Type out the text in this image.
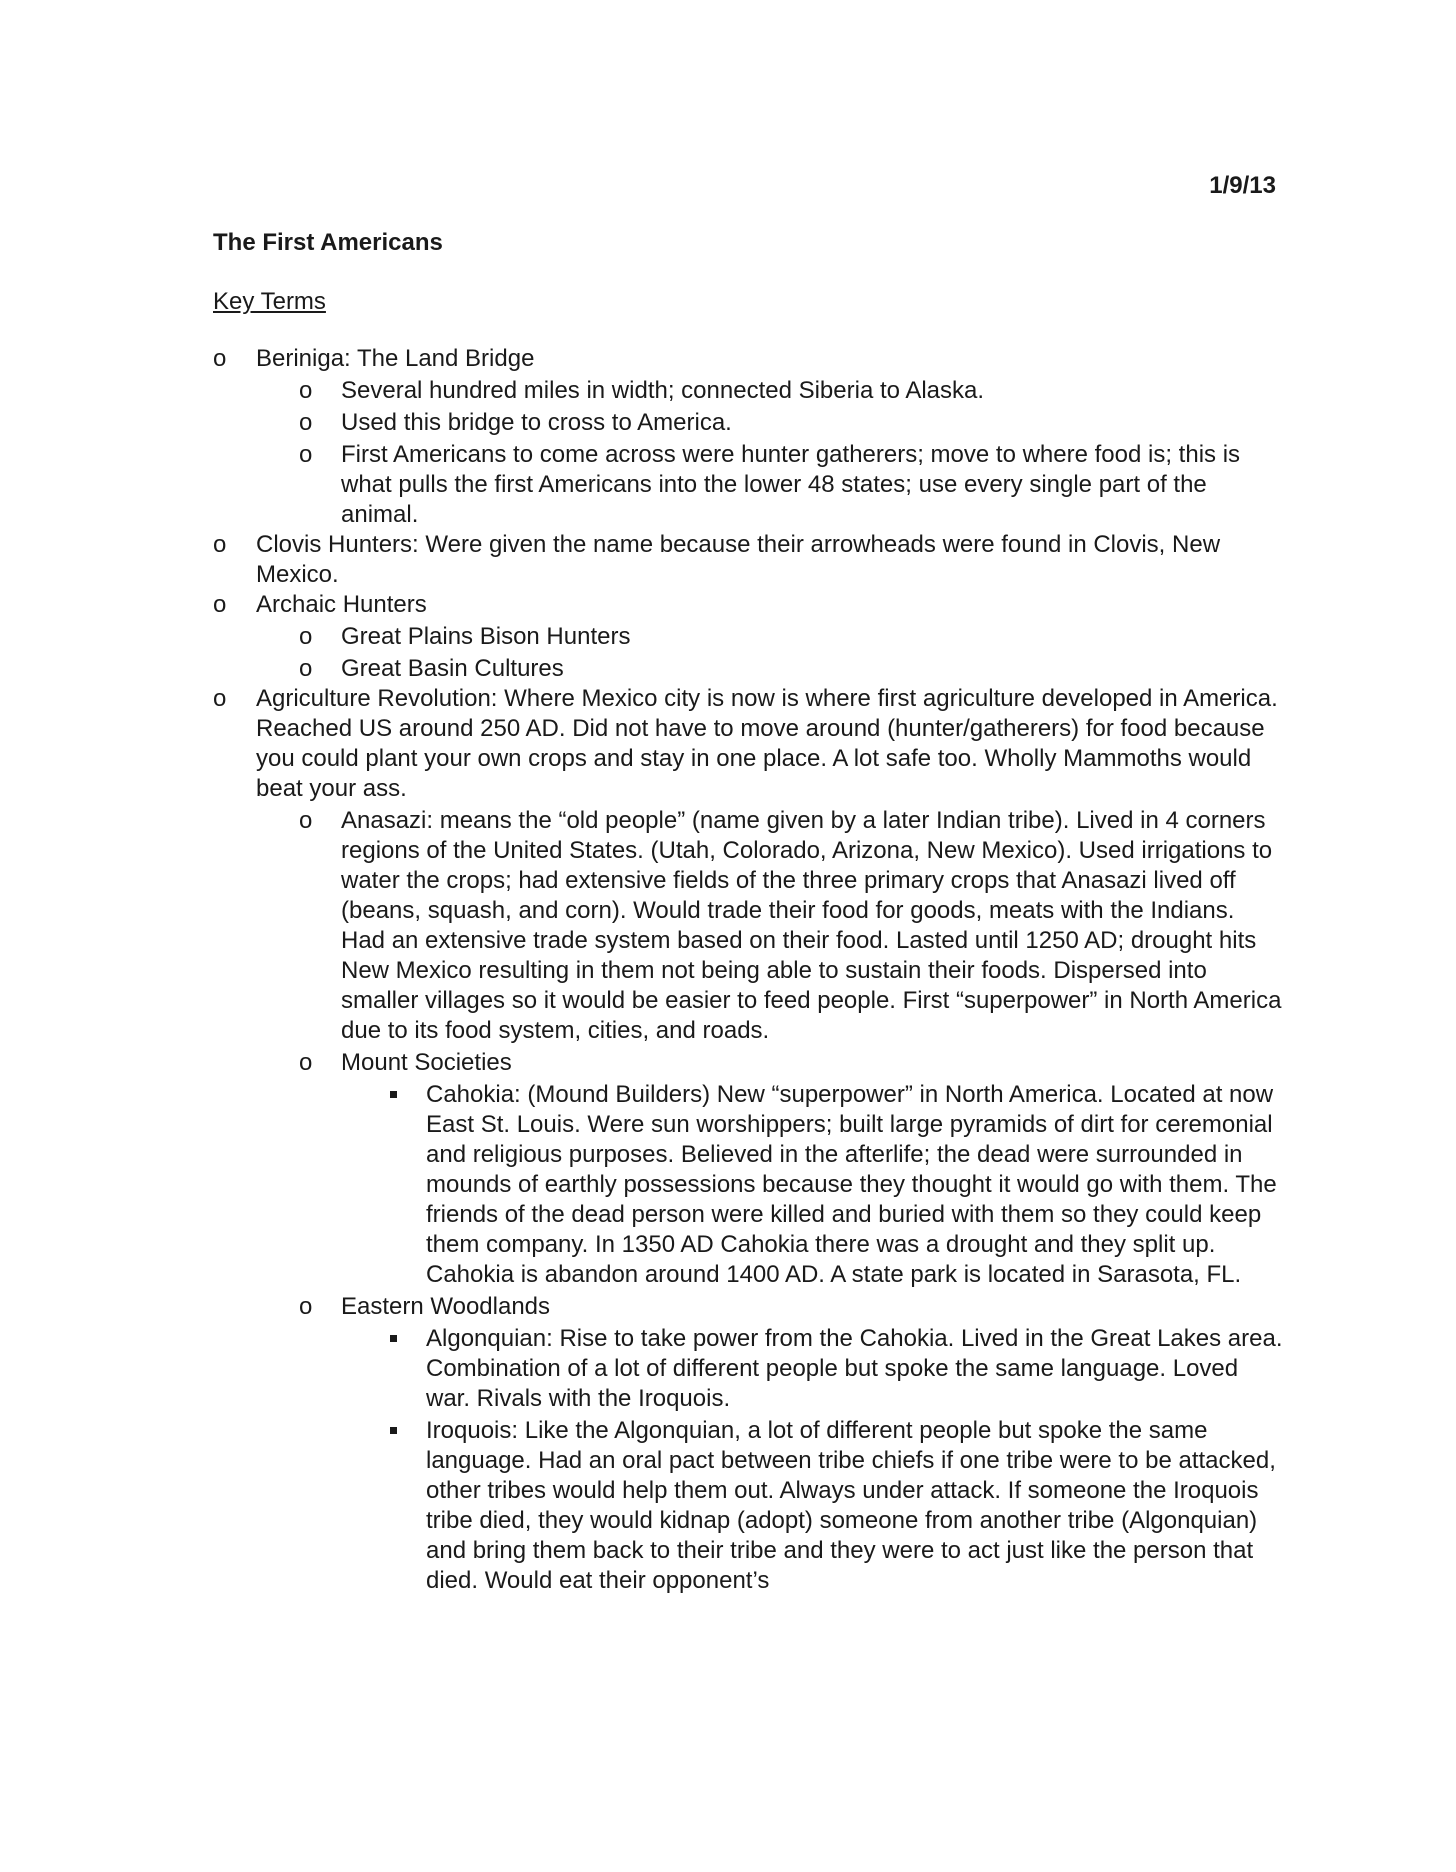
1/9/13
The First Americans
Key Terms
o	Beriniga: The Land Bridge
o	Several hundred miles in width; connected Siberia to Alaska.
o	Used this bridge to cross to America.
o	First Americans to come across were hunter gatherers; move to where food is; this is what pulls the first Americans into the lower 48 states; use every single part of the animal.
o	Clovis Hunters: Were given the name because their arrowheads were found in Clovis, New Mexico.
o	Archaic Hunters
o	Great Plains Bison Hunters
o	Great Basin Cultures
o	Agriculture Revolution: Where Mexico city is now is where first agriculture developed in America. Reached US around 250 AD. Did not have to move around (hunter/gatherers) for food because you could plant your own crops and stay in one place. A lot safe too. Wholly Mammoths would beat your ass.
o	Anasazi: means the “old people” (name given by a later Indian tribe). Lived in 4 corners regions of the United States. (Utah, Colorado, Arizona, New Mexico). Used irrigations to water the crops; had extensive fields of the three primary crops that Anasazi lived off (beans, squash, and corn). Would trade their food for goods, meats with the Indians. Had an extensive trade system based on their food. Lasted until 1250 AD; drought hits New Mexico resulting in them not being able to sustain their foods. Dispersed into smaller villages so it would be easier to feed people. First “superpower” in North America due to its food system, cities, and roads.
o	Mount Societies
Cahokia: (Mound Builders) New “superpower” in North America. Located at now East St. Louis. Were sun worshippers; built large pyramids of dirt for ceremonial and religious purposes. Believed in the afterlife; the dead were surrounded in mounds of earthly possessions because they thought it would go with them. The friends of the dead person were killed and buried with them so they could keep them company. In 1350 AD Cahokia there was a drought and they split up. Cahokia is abandon around 1400 AD. A state park is located in Sarasota, FL.
o	Eastern Woodlands
Algonquian: Rise to take power from the Cahokia. Lived in the Great Lakes area. Combination of a lot of different people but spoke the same language. Loved war. Rivals with the Iroquois.
Iroquois: Like the Algonquian, a lot of different people but spoke the same language. Had an oral pact between tribe chiefs if one tribe were to be attacked, other tribes would help them out. Always under attack. If someone the Iroquois tribe died, they would kidnap (adopt) someone from another tribe (Algonquian) and bring them back to their tribe and they were to act just like the person that died. Would eat their opponent’s
